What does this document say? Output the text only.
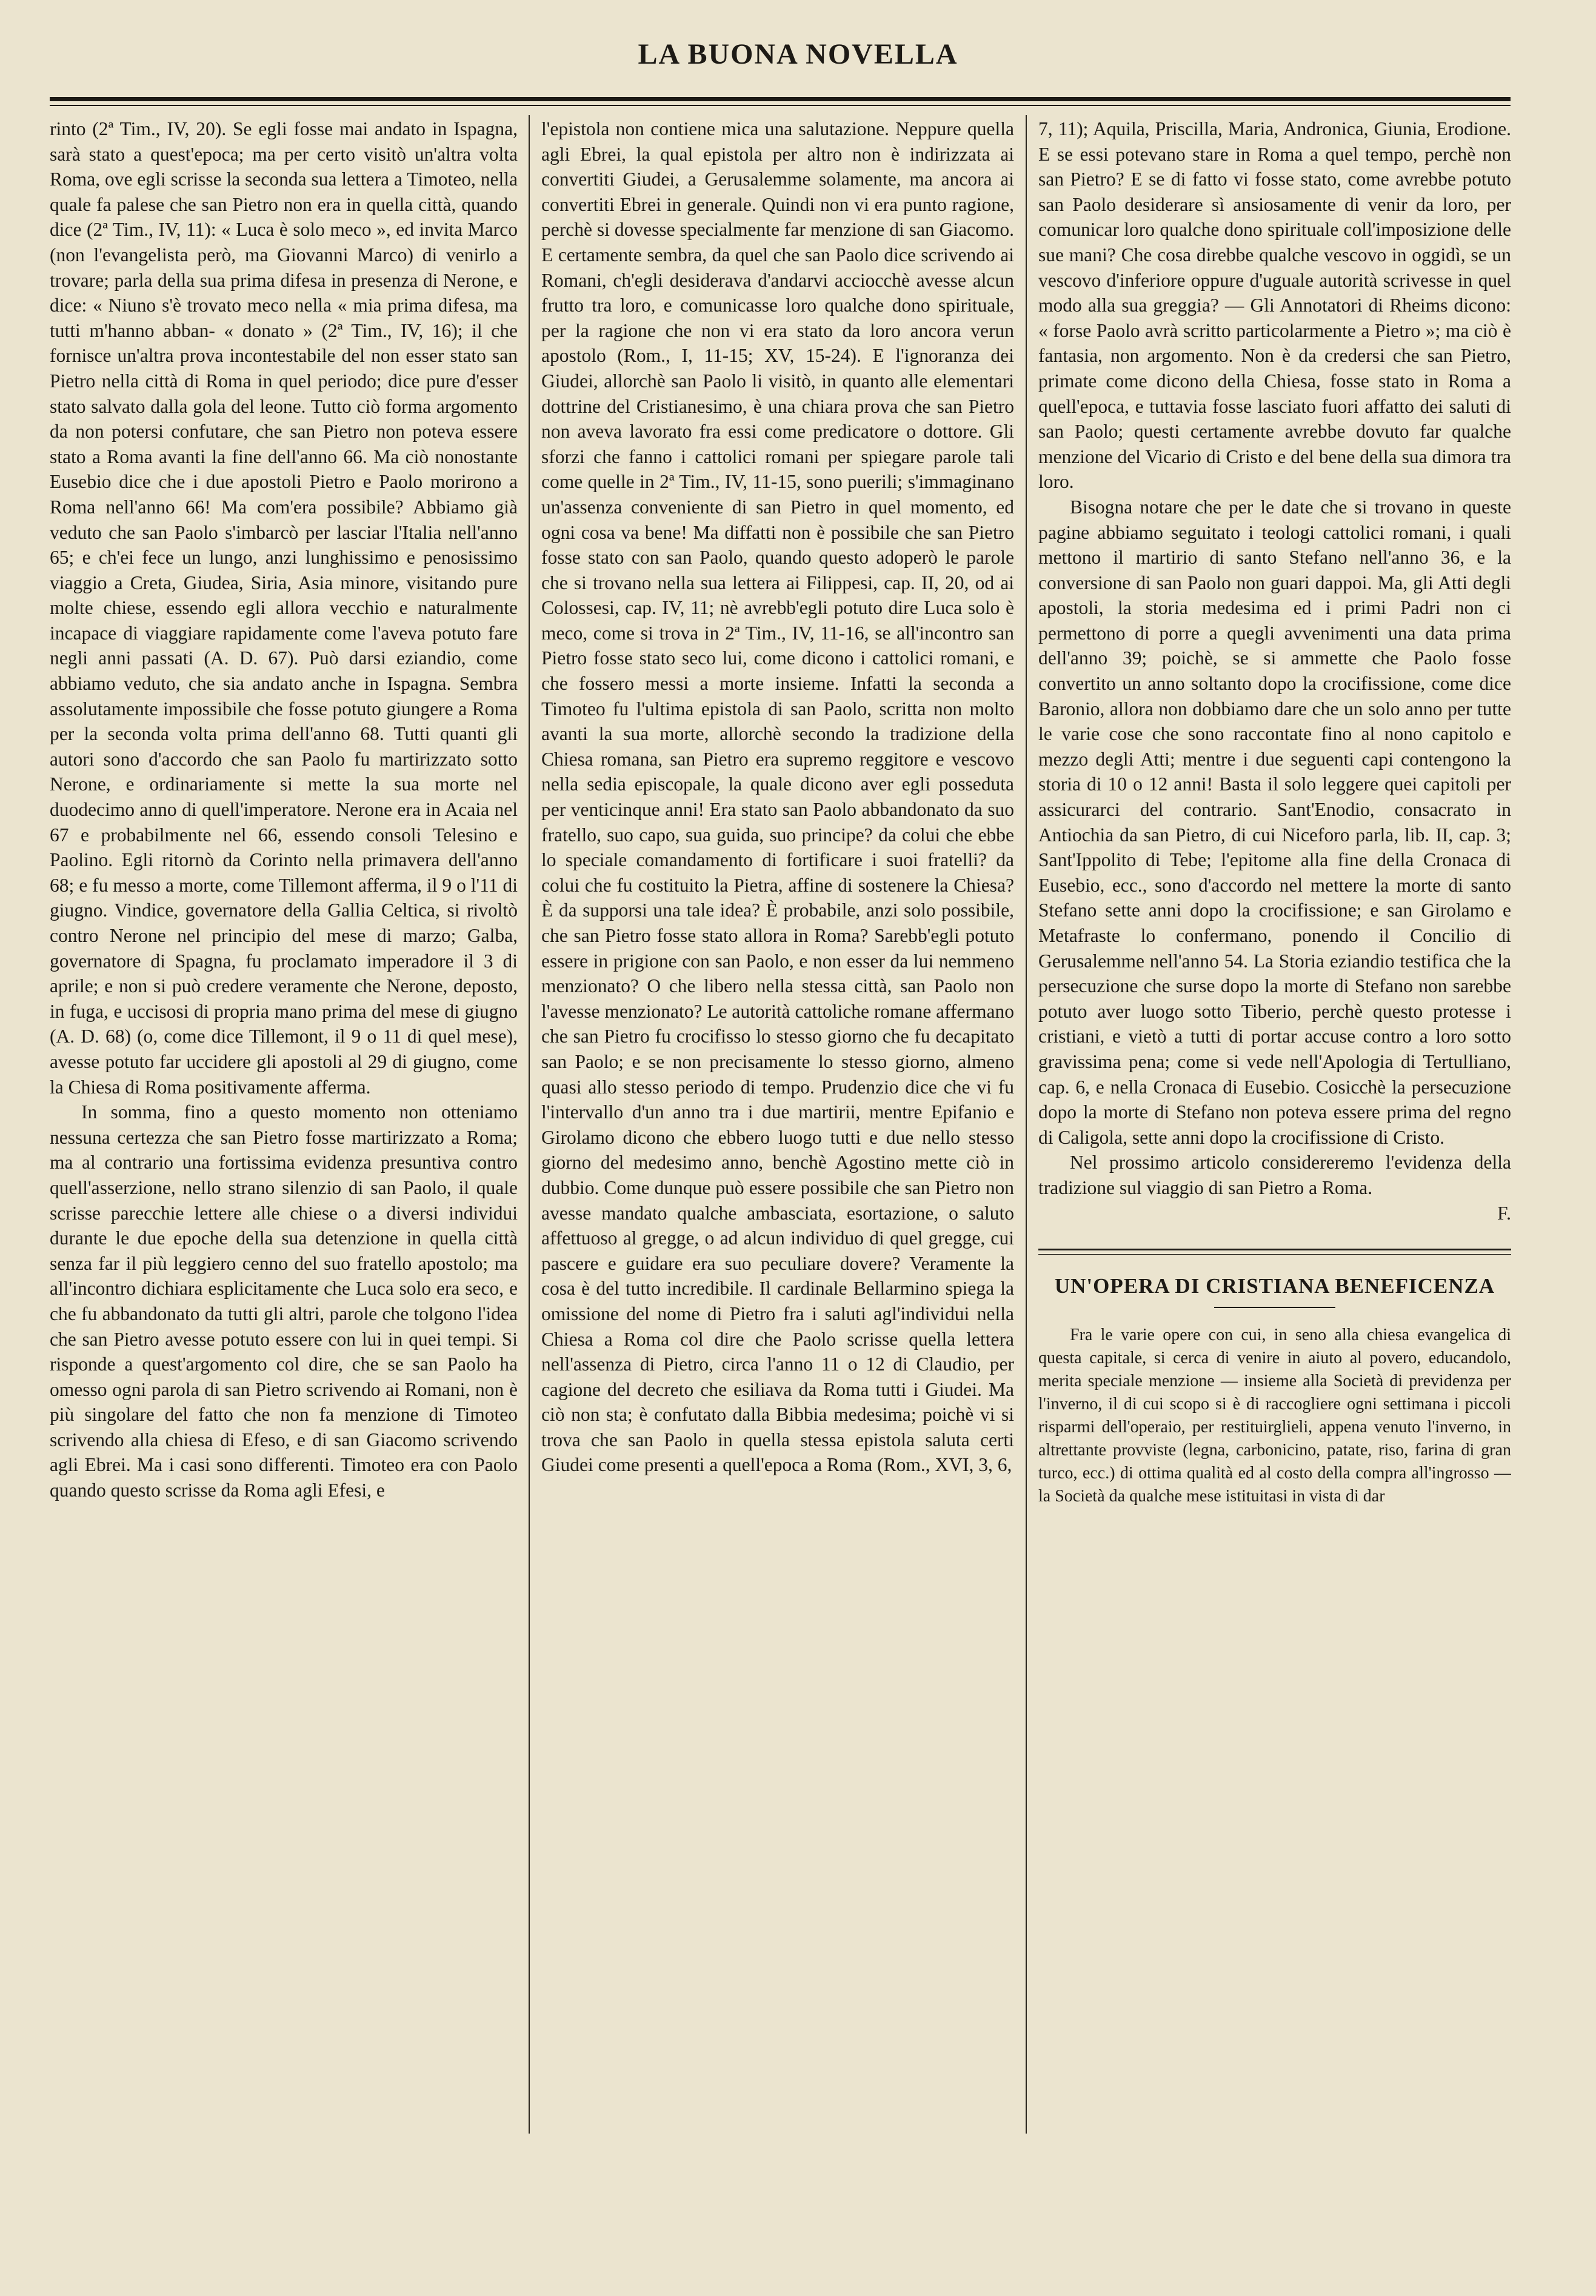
LA BUONA NOVELLA

rinto (2ª Tim., IV, 20). Se egli fosse mai andato in Ispagna, sarà stato a quest'epoca; ma per certo visitò un'altra volta Roma, ove egli scrisse la seconda sua lettera a Timoteo, nella quale fa palese che san Pietro non era in quella città, quando dice (2ª Tim., IV, 11): « Luca è solo meco », ed invita Marco (non l'evangelista però, ma Giovanni Marco) di venirlo a trovare; parla della sua prima difesa in presenza di Nerone, e dice: « Niuno s'è trovato meco nella « mia prima difesa, ma tutti m'hanno abban- « donato » (2ª Tim., IV, 16); il che fornisce un'altra prova incontestabile del non esser stato san Pietro nella città di Roma in quel periodo; dice pure d'esser stato salvato dalla gola del leone. Tutto ciò forma argomento da non potersi confutare, che san Pietro non poteva essere stato a Roma avanti la fine dell'anno 66. Ma ciò nonostante Eusebio dice che i due apostoli Pietro e Paolo morirono a Roma nell'anno 66! Ma com'era possibile? Abbiamo già veduto che san Paolo s'imbarcò per lasciar l'Italia nell'anno 65; e ch'ei fece un lungo, anzi lunghissimo e penosissimo viaggio a Creta, Giudea, Siria, Asia minore, visitando pure molte chiese, essendo egli allora vecchio e naturalmente incapace di viaggiare rapidamente come l'aveva potuto fare negli anni passati (A. D. 67). Può darsi eziandio, come abbiamo veduto, che sia andato anche in Ispagna. Sembra assolutamente impossibile che fosse potuto giungere a Roma per la seconda volta prima dell'anno 68. Tutti quanti gli autori sono d'accordo che san Paolo fu martirizzato sotto Nerone, e ordinariamente si mette la sua morte nel duodecimo anno di quell'imperatore. Nerone era in Acaia nel 67 e probabilmente nel 66, essendo consoli Telesino e Paolino. Egli ritornò da Corinto nella primavera dell'anno 68; e fu messo a morte, come Tillemont afferma, il 9 o l'11 di giugno. Vindice, governatore della Gallia Celtica, si rivoltò contro Nerone nel principio del mese di marzo; Galba, governatore di Spagna, fu proclamato imperadore il 3 di aprile; e non si può credere veramente che Nerone, deposto, in fuga, e uccisosi di propria mano prima del mese di giugno (A. D. 68) (o, come dice Tillemont, il 9 o 11 di quel mese), avesse potuto far uccidere gli apostoli al 29 di giugno, come la Chiesa di Roma positivamente afferma.

In somma, fino a questo momento non otteniamo nessuna certezza che san Pietro fosse martirizzato a Roma; ma al contrario una fortissima evidenza presuntiva contro quell'asserzione, nello strano silenzio di san Paolo, il quale scrisse parecchie lettere alle chiese o a diversi individui durante le due epoche della sua detenzione in quella città senza far il più leggiero cenno del suo fratello apostolo; ma all'incontro dichiara esplicitamente che Luca solo era seco, e che fu abbandonato da tutti gli altri, parole che tolgono l'idea che san Pietro avesse potuto essere con lui in quei tempi. Si risponde a quest'argomento col dire, che se san Paolo ha omesso ogni parola di san Pietro scrivendo ai Romani, non è più singolare del fatto che non fa menzione di Timoteo scrivendo alla chiesa di Efeso, e di san Giacomo scrivendo agli Ebrei. Ma i casi sono differenti. Timoteo era con Paolo quando questo scrisse da Roma agli Efesi, e

l'epistola non contiene mica una salutazione. Neppure quella agli Ebrei, la qual epistola per altro non è indirizzata ai convertiti Giudei, a Gerusalemme solamente, ma ancora ai convertiti Ebrei in generale. Quindi non vi era punto ragione, perchè si dovesse specialmente far menzione di san Giacomo. E certamente sembra, da quel che san Paolo dice scrivendo ai Romani, ch'egli desiderava d'andarvi acciocchè avesse alcun frutto tra loro, e comunicasse loro qualche dono spirituale, per la ragione che non vi era stato da loro ancora verun apostolo (Rom., I, 11-15; XV, 15-24). E l'ignoranza dei Giudei, allorchè san Paolo li visitò, in quanto alle elementari dottrine del Cristianesimo, è una chiara prova che san Pietro non aveva lavorato fra essi come predicatore o dottore. Gli sforzi che fanno i cattolici romani per spiegare parole tali come quelle in 2ª Tim., IV, 11-15, sono puerili; s'immaginano un'assenza conveniente di san Pietro in quel momento, ed ogni cosa va bene! Ma diffatti non è possibile che san Pietro fosse stato con san Paolo, quando questo adoperò le parole che si trovano nella sua lettera ai Filippesi, cap. II, 20, od ai Colossesi, cap. IV, 11; nè avrebb'egli potuto dire Luca solo è meco, come si trova in 2ª Tim., IV, 11-16, se all'incontro san Pietro fosse stato seco lui, come dicono i cattolici romani, e che fossero messi a morte insieme. Infatti la seconda a Timoteo fu l'ultima epistola di san Paolo, scritta non molto avanti la sua morte, allorchè secondo la tradizione della Chiesa romana, san Pietro era supremo reggitore e vescovo nella sedia episcopale, la quale dicono aver egli posseduta per venticinque anni! Era stato san Paolo abbandonato da suo fratello, suo capo, sua guida, suo principe? da colui che ebbe lo speciale comandamento di fortificare i suoi fratelli? da colui che fu costituito la Pietra, affine di sostenere la Chiesa? È da supporsi una tale idea? È probabile, anzi solo possibile, che san Pietro fosse stato allora in Roma? Sarebb'egli potuto essere in prigione con san Paolo, e non esser da lui nemmeno menzionato? O che libero nella stessa città, san Paolo non l'avesse menzionato? Le autorità cattoliche romane affermano che san Pietro fu crocifisso lo stesso giorno che fu decapitato san Paolo; e se non precisamente lo stesso giorno, almeno quasi allo stesso periodo di tempo. Prudenzio dice che vi fu l'intervallo d'un anno tra i due martirii, mentre Epifanio e Girolamo dicono che ebbero luogo tutti e due nello stesso giorno del medesimo anno, benchè Agostino mette ciò in dubbio. Come dunque può essere possibile che san Pietro non avesse mandato qualche ambasciata, esortazione, o saluto affettuoso al gregge, o ad alcun individuo di quel gregge, cui pascere e guidare era suo peculiare dovere? Veramente la cosa è del tutto incredibile. Il cardinale Bellarmino spiega la omissione del nome di Pietro fra i saluti agl'individui nella Chiesa a Roma col dire che Paolo scrisse quella lettera nell'assenza di Pietro, circa l'anno 11 o 12 di Claudio, per cagione del decreto che esiliava da Roma tutti i Giudei. Ma ciò non sta; è confutato dalla Bibbia medesima; poichè vi si trova che san Paolo in quella stessa epistola saluta certi Giudei come presenti a quell'epoca a Roma (Rom., XVI, 3, 6,

7, 11); Aquila, Priscilla, Maria, Andronica, Giunia, Erodione. E se essi potevano stare in Roma a quel tempo, perchè non san Pietro? E se di fatto vi fosse stato, come avrebbe potuto san Paolo desiderare sì ansiosamente di venir da loro, per comunicar loro qualche dono spirituale coll'imposizione delle sue mani? Che cosa direbbe qualche vescovo in oggidì, se un vescovo d'inferiore oppure d'uguale autorità scrivesse in quel modo alla sua greggia? — Gli Annotatori di Rheims dicono: « forse Paolo avrà scritto particolarmente a Pietro »; ma ciò è fantasia, non argomento. Non è da credersi che san Pietro, primate come dicono della Chiesa, fosse stato in Roma a quell'epoca, e tuttavia fosse lasciato fuori affatto dei saluti di san Paolo; questi certamente avrebbe dovuto far qualche menzione del Vicario di Cristo e del bene della sua dimora tra loro.

Bisogna notare che per le date che si trovano in queste pagine abbiamo seguitato i teologi cattolici romani, i quali mettono il martirio di santo Stefano nell'anno 36, e la conversione di san Paolo non guari dappoi. Ma, gli Atti degli apostoli, la storia medesima ed i primi Padri non ci permettono di porre a quegli avvenimenti una data prima dell'anno 39; poichè, se si ammette che Paolo fosse convertito un anno soltanto dopo la crocifissione, come dice Baronio, allora non dobbiamo dare che un solo anno per tutte le varie cose che sono raccontate fino al nono capitolo e mezzo degli Atti; mentre i due seguenti capi contengono la storia di 10 o 12 anni! Basta il solo leggere quei capitoli per assicurarci del contrario. Sant'Enodio, consacrato in Antiochia da san Pietro, di cui Niceforo parla, lib. II, cap. 3; Sant'Ippolito di Tebe; l'epitome alla fine della Cronaca di Eusebio, ecc., sono d'accordo nel mettere la morte di santo Stefano sette anni dopo la crocifissione; e san Girolamo e Metafraste lo confermano, ponendo il Concilio di Gerusalemme nell'anno 54. La Storia eziandio testifica che la persecuzione che surse dopo la morte di Stefano non sarebbe potuto aver luogo sotto Tiberio, perchè questo protesse i cristiani, e vietò a tutti di portar accuse contro a loro sotto gravissima pena; come si vede nell'Apologia di Tertulliano, cap. 6, e nella Cronaca di Eusebio. Cosicchè la persecuzione dopo la morte di Stefano non poteva essere prima del regno di Caligola, sette anni dopo la crocifissione di Cristo.

Nel prossimo articolo considereremo l'evidenza della tradizione sul viaggio di san Pietro a Roma.

F.
UN'OPERA DI CRISTIANA BENEFICENZA

Fra le varie opere con cui, in seno alla chiesa evangelica di questa capitale, si cerca di venire in aiuto al povero, educandolo, merita speciale menzione — insieme alla Società di previdenza per l'inverno, il di cui scopo si è di raccogliere ogni settimana i piccoli risparmi dell'operaio, per restituirglieli, appena venuto l'inverno, in altrettante provviste (legna, carbonicino, patate, riso, farina di gran turco, ecc.) di ottima qualità ed al costo della compra all'ingrosso — la Società da qualche mese istituitasi in vista di dar
